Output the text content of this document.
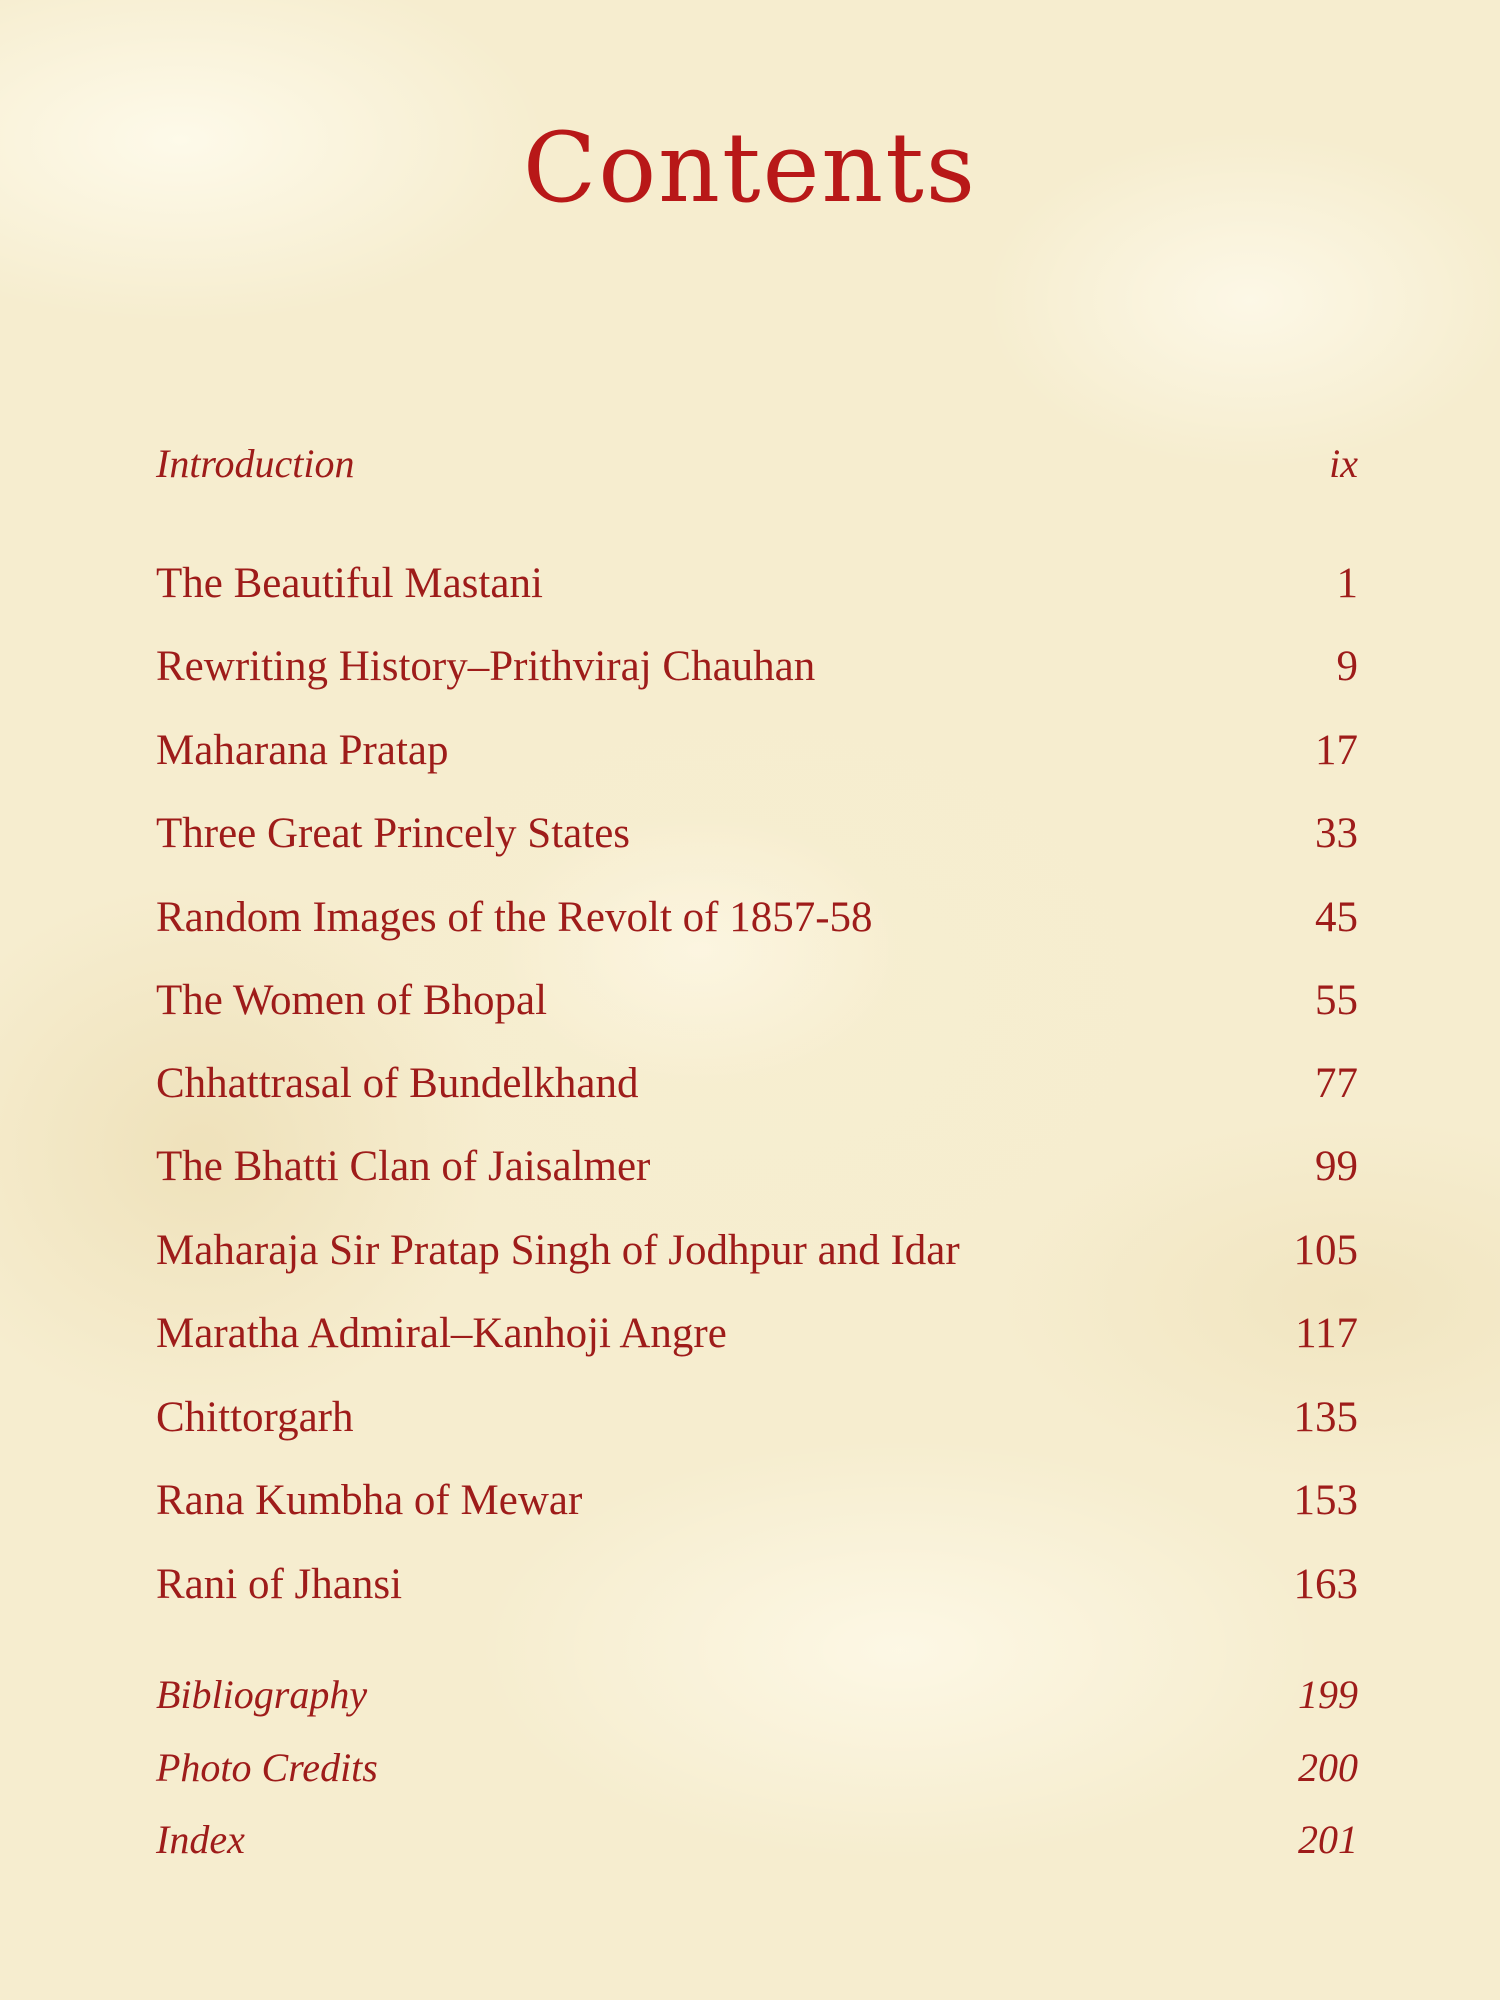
Contents
Introduction	ix
The Beautiful Mastani	1
Rewriting History–Prithviraj Chauhan	9
Maharana Pratap	17
Three Great Princely States	33
Random Images of the Revolt of 1857-58	45
The Women of Bhopal	55
Chhattrasal of Bundelkhand	77
The Bhatti Clan of Jaisalmer	99
Maharaja Sir Pratap Singh of Jodhpur and Idar	105
Maratha Admiral–Kanhoji Angre	117
Chittorgarh	135
Rana Kumbha of Mewar	153
Rani of Jhansi	163
Bibliography	199
Photo Credits	200
Index	201
